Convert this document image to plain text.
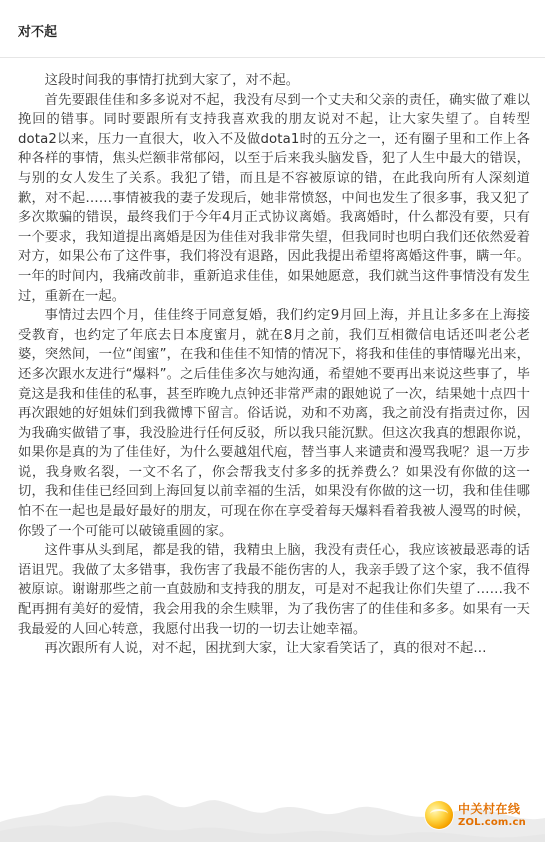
对不起

这段时间我的事情打扰到大家了，对不起。

首先要跟佳佳和多多说对不起，我没有尽到一个丈夫和父亲的责任，确实做了难以挽回的错事。同时要跟所有支持我喜欢我的朋友说对不起，让大家失望了。自转型dota2以来，压力一直很大，收入不及做dota1时的五分之一，还有圈子里和工作上各种各样的事情，焦头烂额非常郁闷，以至于后来我头脑发昏，犯了人生中最大的错误，与别的女人发生了关系。我犯了错，而且是不容被原谅的错，在此我向所有人深刻道歉，对不起……事情被我的妻子发现后，她非常愤怒，中间也发生了很多事，我又犯了多次欺骗的错误，最终我们于今年4月正式协议离婚。我离婚时，什么都没有要，只有一个要求，我知道提出离婚是因为佳佳对我非常失望，但我同时也明白我们还依然爱着对方，如果公布了这件事，我们将没有退路，因此我提出希望将离婚这件事，瞒一年。一年的时间内，我痛改前非，重新追求佳佳，如果她愿意，我们就当这件事情没有发生过，重新在一起。

事情过去四个月，佳佳终于同意复婚，我们约定9月回上海，并且让多多在上海接受教育，也约定了年底去日本度蜜月，就在8月之前，我们互相微信电话还叫老公老婆，突然间，一位“闺蜜”，在我和佳佳不知情的情况下，将我和佳佳的事情曝光出来，还多次跟水友进行“爆料”。之后佳佳多次与她沟通，希望她不要再出来说这些事了，毕竟这是我和佳佳的私事，甚至昨晚九点钟还非常严肃的跟她说了一次，结果她十点四十再次跟她的好姐妹们到我微博下留言。俗话说，劝和不劝离，我之前没有指责过你，因为我确实做错了事，我没脸进行任何反驳，所以我只能沉默。但这次我真的想跟你说，如果你是真的为了佳佳好，为什么要越俎代庖，替当事人来谴责和漫骂我呢？退一万步说，我身败名裂，一文不名了，你会帮我支付多多的抚养费么？如果没有你做的这一切，我和佳佳已经回到上海回复以前幸福的生活，如果没有你做的这一切，我和佳佳哪怕不在一起也是最好最好的朋友，可现在你在享受着每天爆料看着我被人漫骂的时候，你毁了一个可能可以破镜重圆的家。

这件事从头到尾，都是我的错，我精虫上脑，我没有责任心，我应该被最恶毒的话语诅咒。我做了太多错事，我伤害了我最不能伤害的人，我亲手毁了这个家，我不值得被原谅。谢谢那些之前一直鼓励和支持我的朋友，可是对不起我让你们失望了……我不配再拥有美好的爱情，我会用我的余生赎罪，为了我伤害了的佳佳和多多。如果有一天我最爱的人回心转意，我愿付出我一切的一切去让她幸福。

再次跟所有人说，对不起，困扰到大家，让大家看笑话了，真的很对不起…

中关村在线
ZOL.com.cn
